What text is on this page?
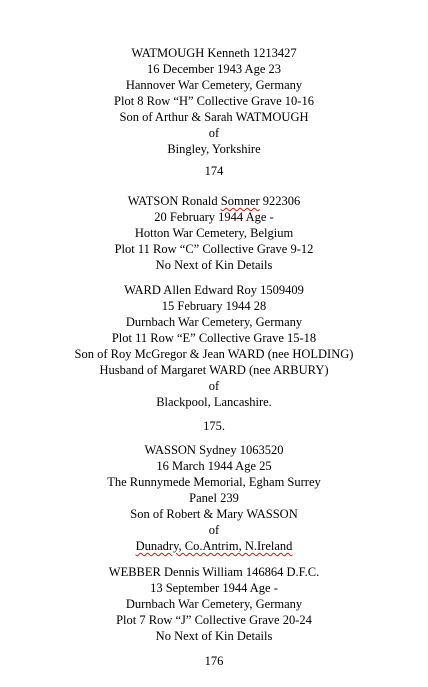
WATMOUGH Kenneth 1213427
16 December 1943 Age 23
Hannover War Cemetery, Germany
Plot 8 Row “H” Collective Grave 10-16
Son of Arthur & Sarah WATMOUGH
of
Bingley, Yorkshire
174
WATSON Ronald Somner 922306
20 February 1944 Age -
Hotton War Cemetery, Belgium
Plot 11 Row “C” Collective Grave 9-12
No Next of Kin Details
WARD Allen Edward Roy 1509409
15 February 1944 28
Durnbach War Cemetery, Germany
Plot 11 Row “E” Collective Grave 15-18
Son of Roy McGregor & Jean WARD (nee HOLDING)
Husband of Margaret WARD (nee ARBURY)
of
Blackpool, Lancashire.
175.
WASSON Sydney 1063520
16 March 1944 Age 25
The Runnymede Memorial, Egham Surrey
Panel 239
Son of Robert & Mary WASSON
of
Dunadry, Co.Antrim, N.Ireland
WEBBER Dennis William 146864 D.F.C.
13 September 1944 Age -
Durnbach War Cemetery, Germany
Plot 7 Row “J” Collective Grave 20-24
No Next of Kin Details
176
